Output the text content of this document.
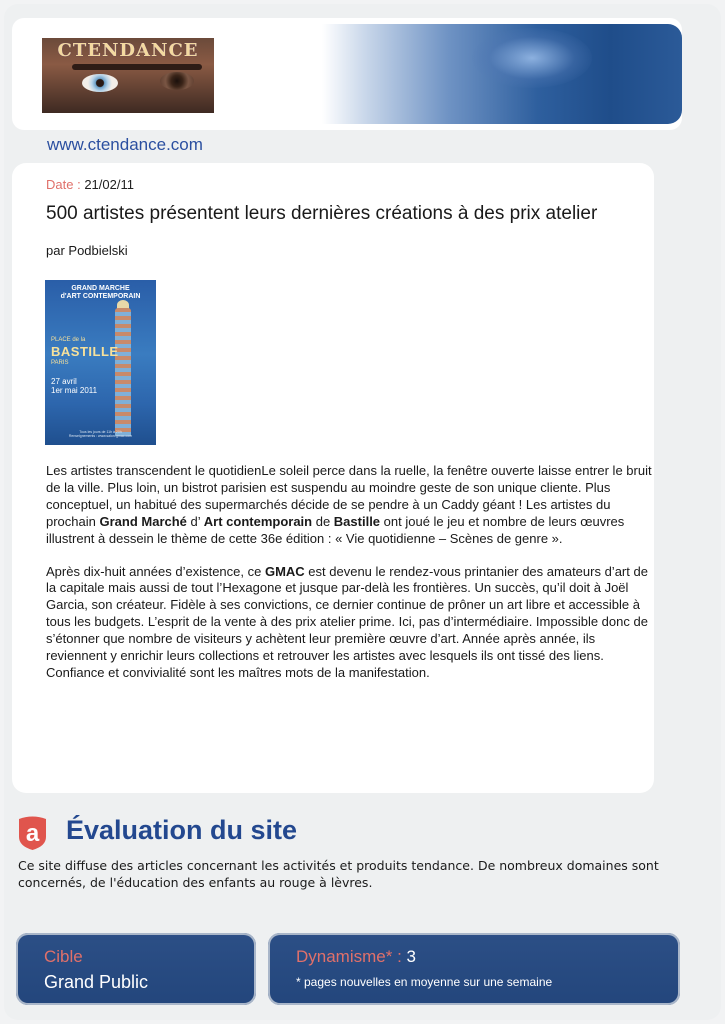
CTENDANCE
www.ctendance.com
Date : 21/02/11
500 artistes présentent leurs dernières créations à des prix atelier
par Podbielski
GRAND MARCHE
d'ART CONTEMPORAIN
PLACE de la
BASTILLE
PARIS
27 avril
1er mai 2011
Tous les jours de 11h à 20h
Renseignements : www.salon-gmac.com

Les artistes transcendent le quotidienLe soleil perce dans la ruelle, la fenêtre ouverte laisse entrer le bruit de la ville. Plus loin, un bistrot parisien est suspendu au moindre geste de son unique cliente. Plus conceptuel, un habitué des supermarchés décide de se pendre à un Caddy géant ! Les artistes du prochain Grand Marché d’ Art contemporain de Bastille ont joué le jeu et nombre de leurs œuvres illustrent à dessein le thème de cette 36e édition : « Vie quotidienne – Scènes de genre ».

Après dix-huit années d’existence, ce GMAC est devenu le rendez-vous printanier des amateurs d’art de la capitale mais aussi de tout l’Hexagone et jusque par-delà les frontières. Un succès, qu’il doit à Joël Garcia, son créateur. Fidèle à ses convictions, ce dernier continue de prôner un art libre et accessible à tous les budgets. L’esprit de la vente à des prix atelier prime. Ici, pas d’intermédiaire. Impossible donc de s’étonner que nombre de visiteurs y achètent leur première œuvre d’art. Année après année, ils reviennent y enrichir leurs collections et retrouver les artistes avec lesquels ils ont tissé des liens. Confiance et convivialité sont les maîtres mots de la manifestation.

a Évaluation du site
Ce site diffuse des articles concernant les activités et produits tendance. De nombreux domaines sont concernés, de l'éducation des enfants au rouge à lèvres.
Cible
Grand Public
Dynamisme* : 3
* pages nouvelles en moyenne sur une semaine
